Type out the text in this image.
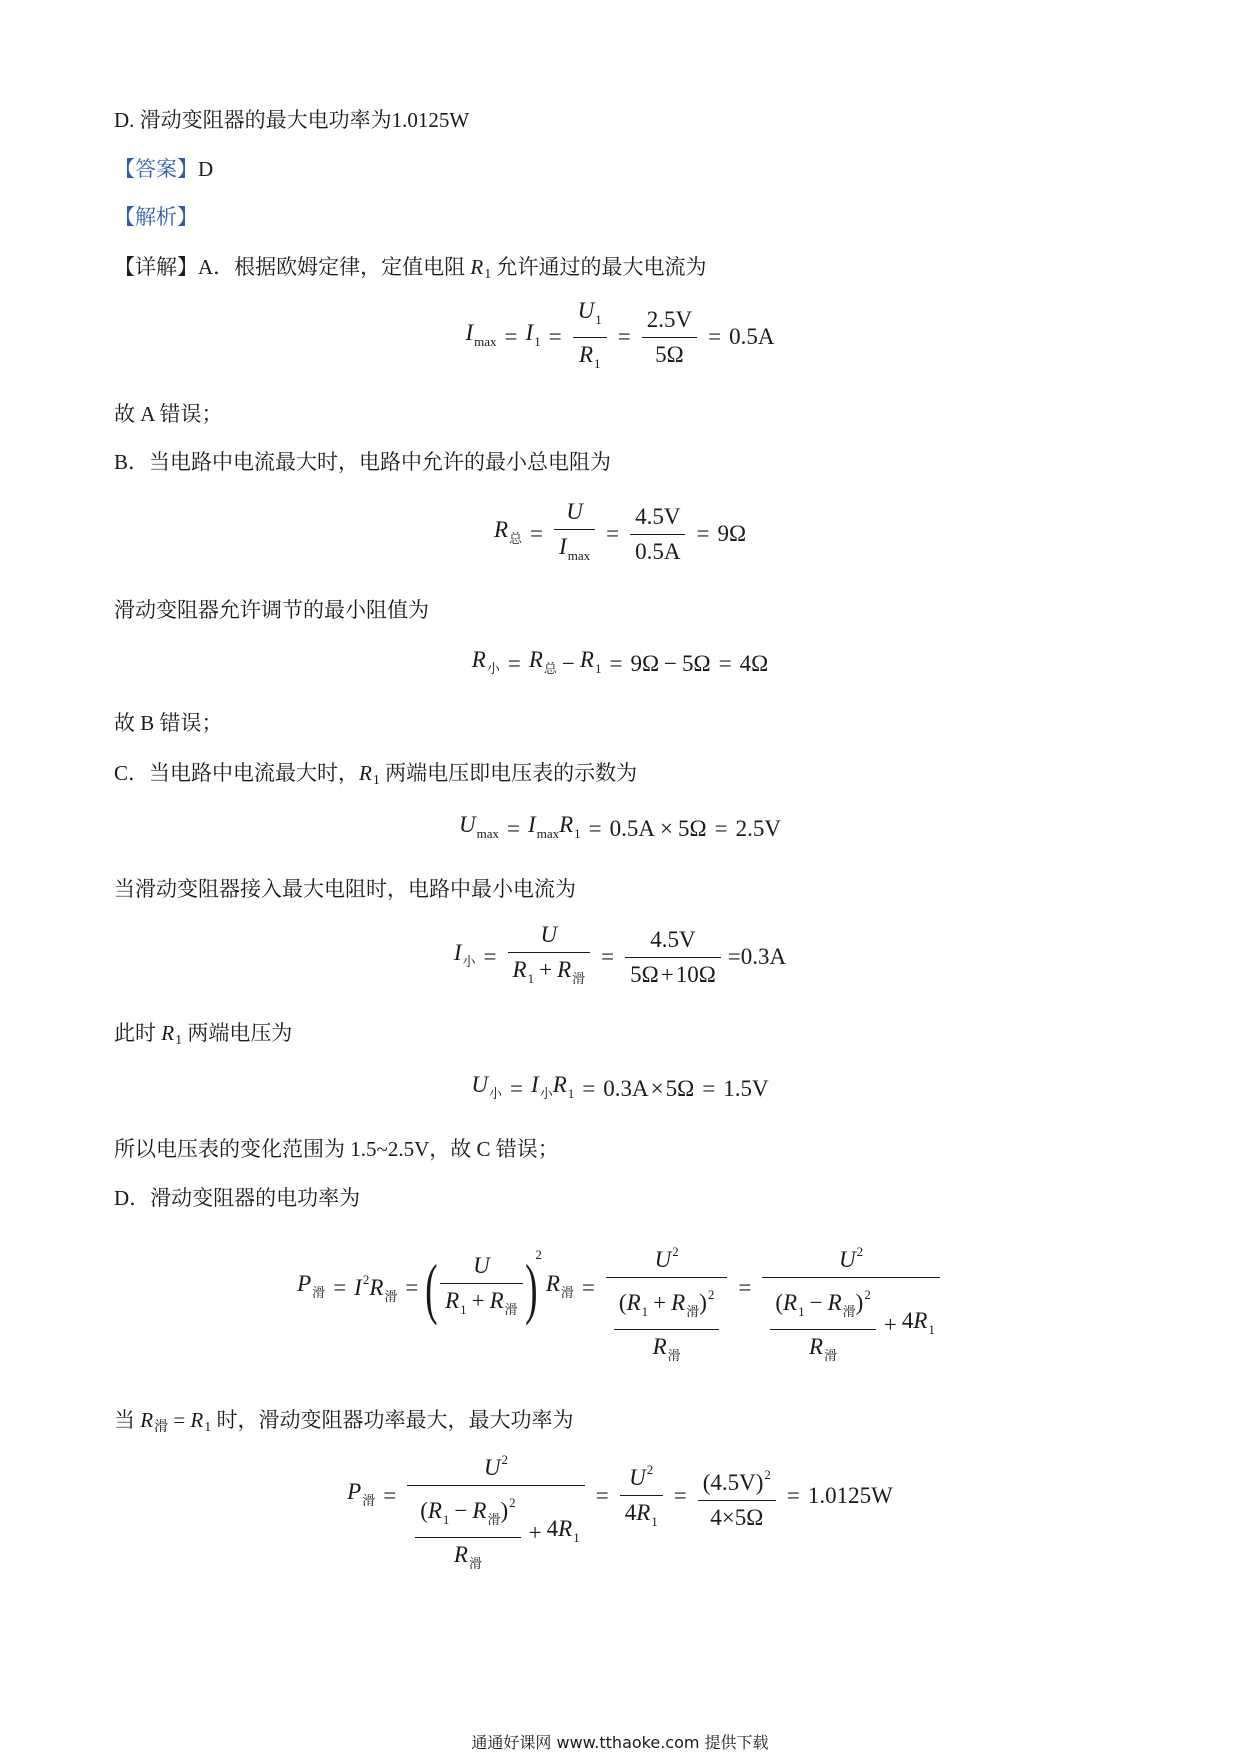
D. 滑动变阻器的最大电功率为1.0125W
【答案】D
【解析】
【详解】A．根据欧姆定律，定值电阻 $R_1$ 允许通过的最大电流为
$I_{max} = I_1 = \frac{U_1}{R_1} = \frac{2.5V}{5\Omega} = 0.5A$
故 A 错误；
B．当电路中电流最大时，电路中允许的最小总电阻为
$R_总 = \frac{U}{I_{max}} = \frac{4.5V}{0.5A} = 9\Omega$
滑动变阻器允许调节的最小阻值为
$R_小 = R_总 - R_1 = 9\Omega - 5\Omega = 4\Omega$
故 B 错误；
C．当电路中电流最大时，$R_1$ 两端电压即电压表的示数为
$U_{max} = I_{max}R_1 = 0.5A \times 5\Omega = 2.5V$
当滑动变阻器接入最大电阻时，电路中最小电流为
$I_小 = \frac{U}{R_1 + R_滑} = \frac{4.5V}{5\Omega+10\Omega} =0.3A$
此时 $R_1$ 两端电压为
$U_小 = I_小R_1 = 0.3A \times 5\Omega = 1.5V$
所以电压表的变化范围为 1.5~2.5V，故 C 错误；
D．滑动变阻器的电功率为
$P_滑 = I^2R_滑$ = ( $\frac{U}{R_1 + R_滑}$ )
2
$R_滑 = \frac{U^2}{\frac{(R_1 + R_滑)^2}{R_滑}} = \frac{U^2}{\frac{(R_1 - R_滑)^2}{R_滑} + 4R_1}$
当 $R_滑 = R_1$ 时，滑动变阻器功率最大，最大功率为
$P_滑 = \frac{U^2}{\frac{(R_1 - R_滑)^2}{R_滑} + 4R_1} = \frac{U^2}{4R_1} = \frac{(4.5V)^2}{4\times 5\Omega} = 1.0125W$
通通好课网 www.tthaoke.com 提供下载
